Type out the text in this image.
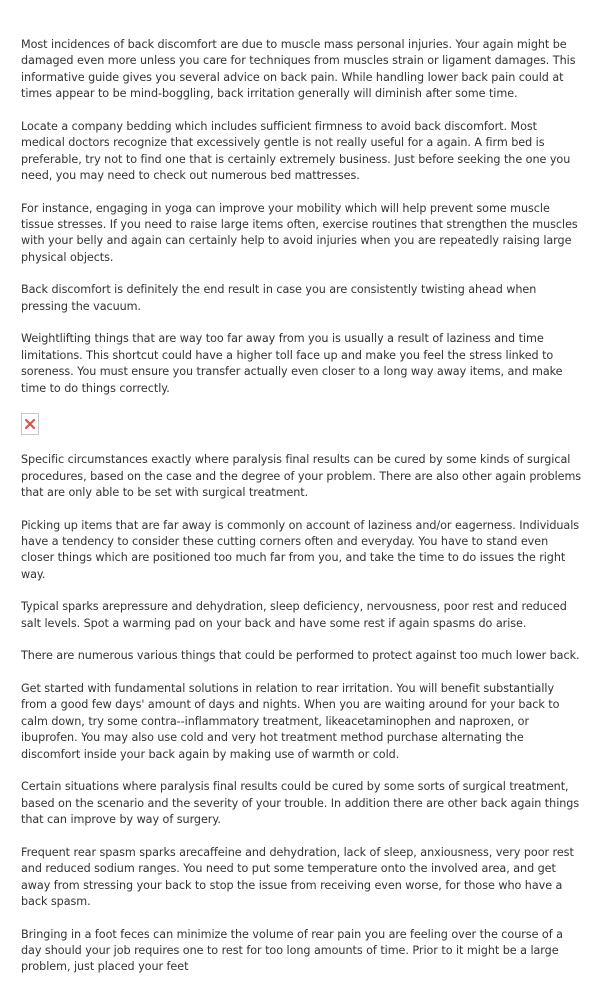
Most incidences of back discomfort are due to muscle mass personal injuries. Your again might be damaged even more unless you care for techniques from muscles strain or ligament damages. This informative guide gives you several advice on back pain. While handling lower back pain could at times appear to be mind-boggling, back irritation generally will diminish after some time.

Locate a company bedding which includes sufficient firmness to avoid back discomfort. Most medical doctors recognize that excessively gentle is not really useful for a again. A firm bed is preferable, try not to find one that is certainly extremely business. Just before seeking the one you need, you may need to check out numerous bed mattresses.

For instance, engaging in yoga can improve your mobility which will help prevent some muscle tissue stresses. If you need to raise large items often, exercise routines that strengthen the muscles with your belly and again can certainly help to avoid injuries when you are repeatedly raising large physical objects.

Back discomfort is definitely the end result in case you are consistently twisting ahead when pressing the vacuum.

Weightlifting things that are way too far away from you is usually a result of laziness and time limitations. This shortcut could have a higher toll face up and make you feel the stress linked to soreness. You must ensure you transfer actually even closer to a long way away items, and make time to do things correctly.

Specific circumstances exactly where paralysis final results can be cured by some kinds of surgical procedures, based on the case and the degree of your problem. There are also other again problems that are only able to be set with surgical treatment.

Picking up items that are far away is commonly on account of laziness and/or eagerness. Individuals have a tendency to consider these cutting corners often and everyday. You have to stand even closer things which are positioned too much far from you, and take the time to do issues the right way.

Typical sparks arepressure and dehydration, sleep deficiency, nervousness, poor rest and reduced salt levels. Spot a warming pad on your back and have some rest if again spasms do arise.

There are numerous various things that could be performed to protect against too much lower back.

Get started with fundamental solutions in relation to rear irritation. You will benefit substantially from a good few days' amount of days and nights. When you are waiting around for your back to calm down, try some contra--inflammatory treatment, likeacetaminophen and naproxen, or ibuprofen. You may also use cold and very hot treatment method purchase alternating the discomfort inside your back again by making use of warmth or cold.

Certain situations where paralysis final results could be cured by some sorts of surgical treatment, based on the scenario and the severity of your trouble. In addition there are other back again things that can improve by way of surgery.

Frequent rear spasm sparks arecaffeine and dehydration, lack of sleep, anxiousness, very poor rest and reduced sodium ranges. You need to put some temperature onto the involved area, and get away from stressing your back to stop the issue from receiving even worse, for those who have a back spasm.

Bringing in a foot feces can minimize the volume of rear pain you are feeling over the course of a day should your job requires one to rest for too long amounts of time. Prior to it might be a large problem, just placed your feet
